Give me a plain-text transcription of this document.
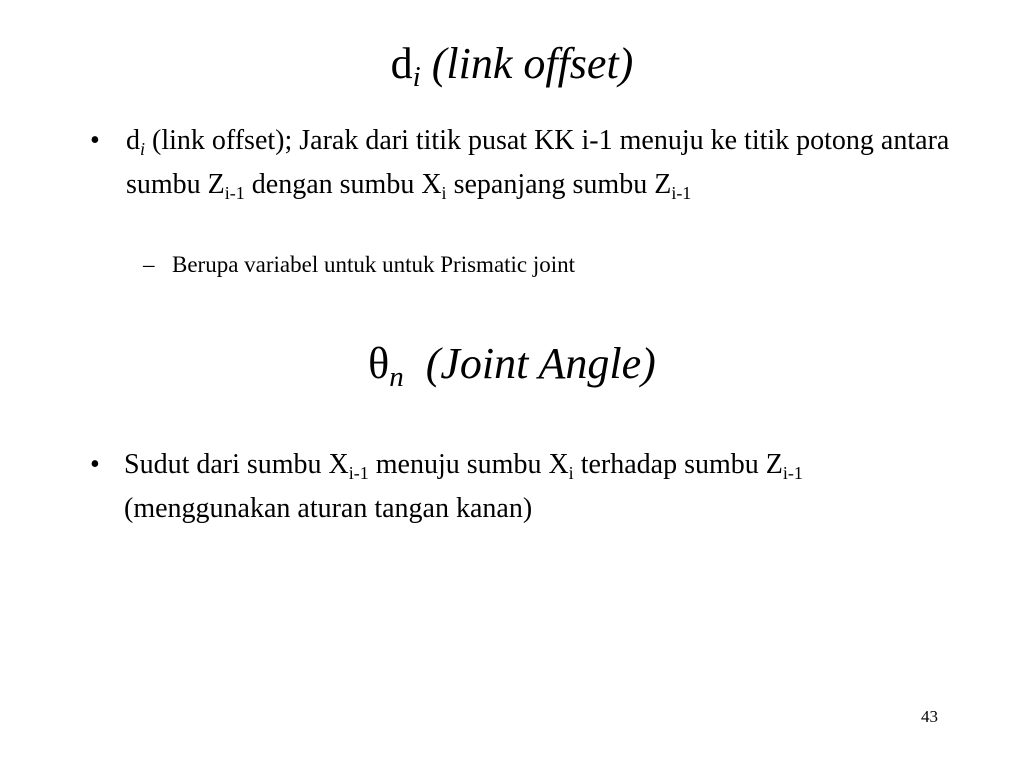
$d_i$ (link offset)
• $d_i$ (link offset); Jarak dari titik pusat KK i-1 menuju ke titik potong antara sumbu $Z_{i-1}$ dengan sumbu $X_i$ sepanjang sumbu $Z_{i-1}$
– Berupa variabel untuk untuk Prismatic joint
$\theta_n$ (Joint Angle)
• Sudut dari sumbu $X_{i-1}$ menuju sumbu $X_i$ terhadap sumbu $Z_{i-1}$ (menggunakan aturan tangan kanan)
43
